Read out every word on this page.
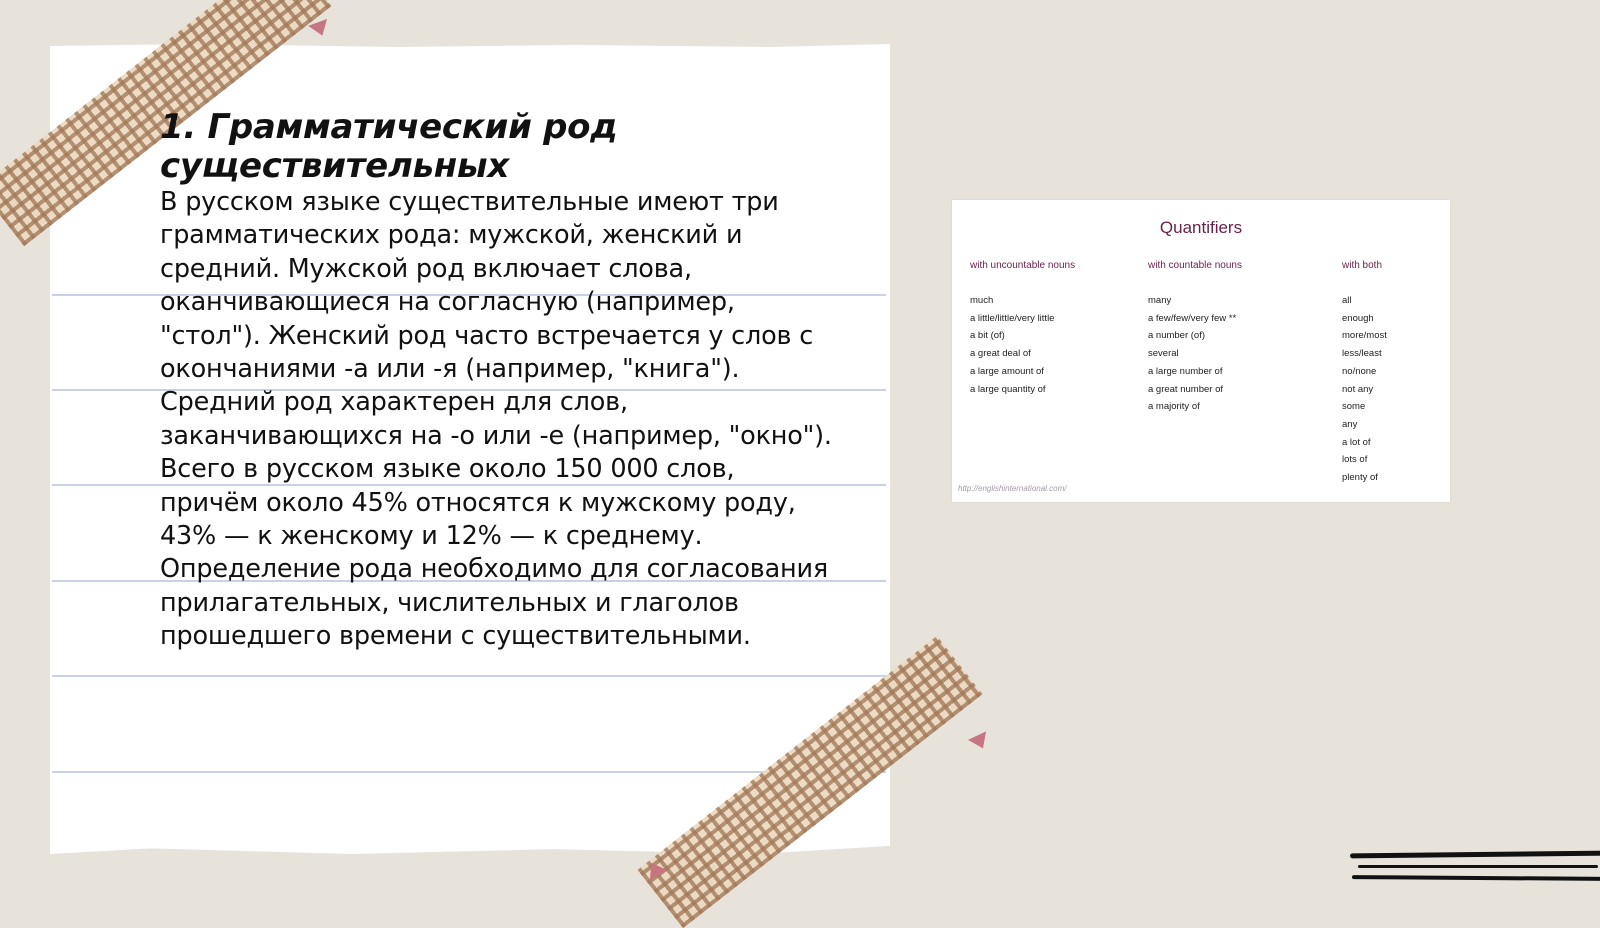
1. Грамматический род существительных

В русском языке существительные имеют три грамматических рода: мужской, женский и средний. Мужской род включает слова, оканчивающиеся на согласную (например, "стол"). Женский род часто встречается у слов с окончаниями -а или -я (например, "книга"). Средний род характерен для слов, заканчивающихся на -о или -е (например, "окно"). Всего в русском языке около 150 000 слов, причём около 45% относятся к мужскому роду, 43% — к женскому и 12% — к среднему. Определение рода необходимо для согласования прилагательных, числительных и глаголов прошедшего времени с существительными.

Quantifiers
with uncountable nouns
much
a little/little/very little
a bit (of)
a great deal of
a large amount of
a large quantity of
with countable nouns
many
a few/few/very few **
a number (of)
several
a large number of
a great number of
a majority of
with both
all
enough
more/most
less/least
no/none
not any
some
any
a lot of
lots of
plenty of
http://englishinternational.com/
